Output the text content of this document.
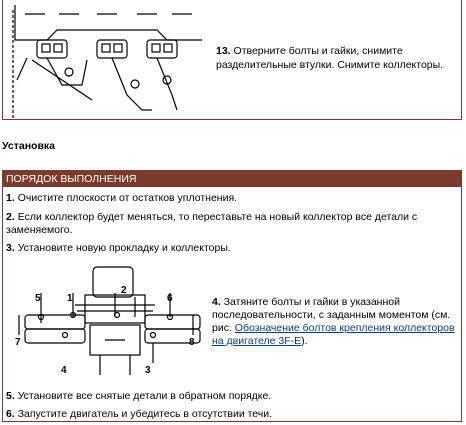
13. Отверните болты и гайки, снимите разделительные втулки. Снимите коллекторы.
Установка
ПОРЯДОК ВЫПОЛНЕНИЯ
1. Очистите плоскости от остатков уплотнения.
2. Если коллектор будет меняться, то переставьте на новый коллектор все детали с заменяемого.
3. Установите новую прокладку и коллекторы.
1
2
3
4
5	6
7	8
4. Затяните болты и гайки в указанной последовательности, с заданным моментом (см. рис. Обозначение болтов крепления коллекторов на двигателе 3F-E).
5. Установите все снятые детали в обратном порядке.
6. Запустите двигатель и убедитесь в отсутствии течи.
